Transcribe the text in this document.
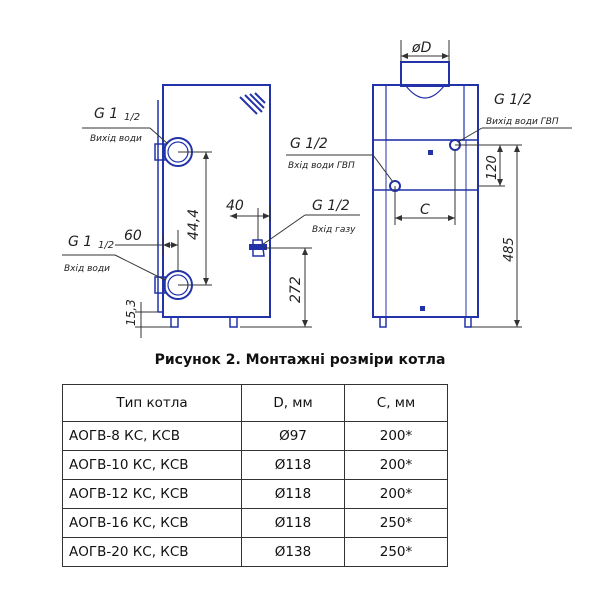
G 1 1/2
Вихід води
G 1 1/2
Вхід води
G 1/2
Вхід газу
G 1/2
Вхід води ГВП
G 1/2
Вихід води ГВП
44,4
60
40
272
15,3
øD
C
120
485
Рисунок 2. Монтажні розміри котла
Тип котла	D, мм	C, мм
АОГВ-8 КС, КСВ	Ø97	200*
АОГВ-10 КС, КСВ	Ø118	200*
АОГВ-12 КС, КСВ	Ø118	200*
АОГВ-16 КС, КСВ	Ø118	250*
АОГВ-20 КС, КСВ	Ø138	250*
